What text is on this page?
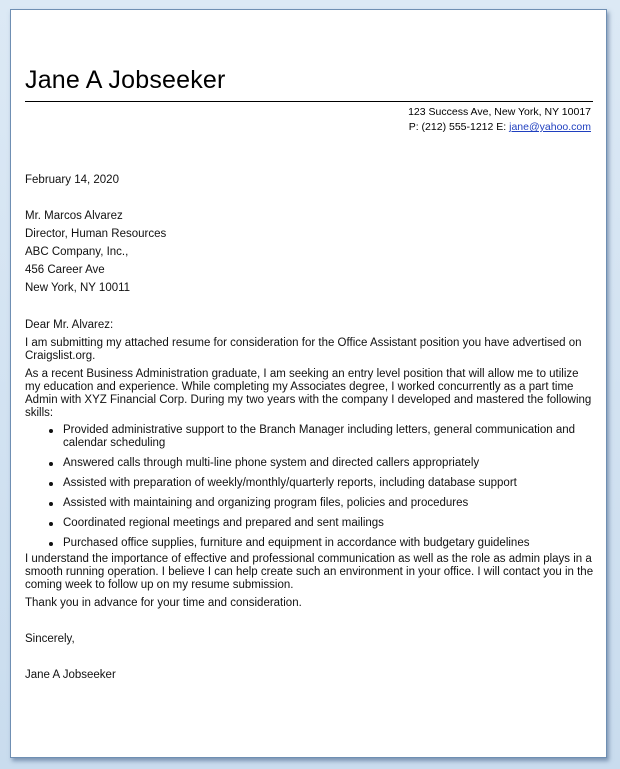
Jane A Jobseeker
123 Success Ave, New York, NY 10017
P: (212) 555-1212 E: jane@yahoo.com
February 14, 2020
Mr. Marcos Alvarez
Director, Human Resources
ABC Company, Inc.,
456 Career Ave
New York, NY 10011
Dear Mr. Alvarez:
I am submitting my attached resume for consideration for the Office Assistant position you have advertised on Craigslist.org.
As a recent Business Administration graduate, I am seeking an entry level position that will allow me to utilize my education and experience. While completing my Associates degree, I worked concurrently as a part time Admin with XYZ Financial Corp. During my two years with the company I developed and mastered the following skills:
Provided administrative support to the Branch Manager including letters, general communication and calendar scheduling
Answered calls through multi-line phone system and directed callers appropriately
Assisted with preparation of weekly/monthly/quarterly reports, including database support
Assisted with maintaining and organizing program files, policies and procedures
Coordinated regional meetings and prepared and sent mailings
Purchased office supplies, furniture and equipment in accordance with budgetary guidelines
I understand the importance of effective and professional communication as well as the role as admin plays in a smooth running operation. I believe I can help create such an environment in your office. I will contact you in the coming week to follow up on my resume submission.
Thank you in advance for your time and consideration.
Sincerely,
Jane A Jobseeker
